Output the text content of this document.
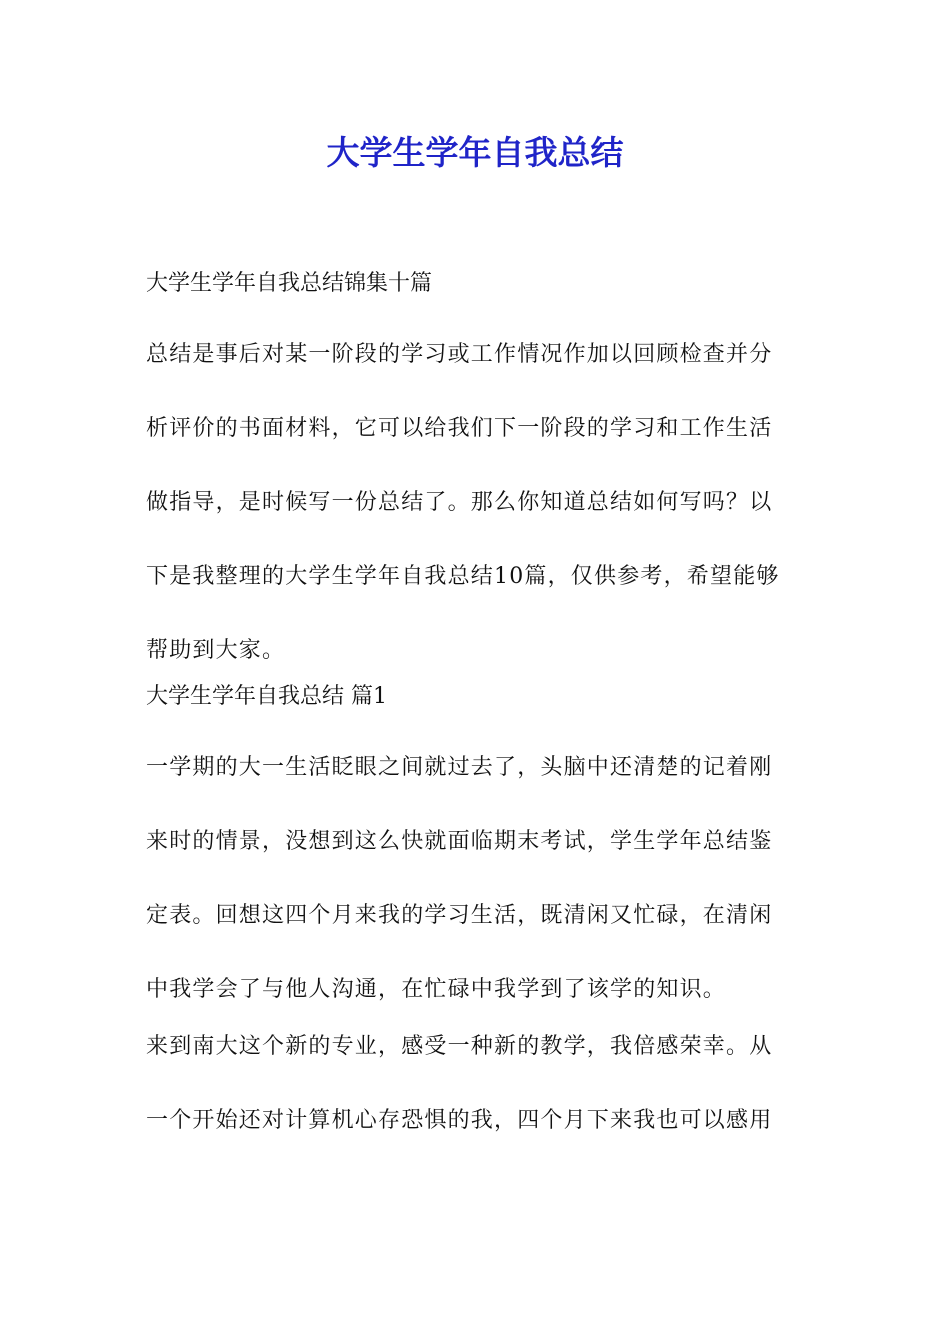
大学生学年自我总结
大学生学年自我总结锦集十篇
总结是事后对某一阶段的学习或工作情况作加以回顾检查并分
析评价的书面材料，它可以给我们下一阶段的学习和工作生活
做指导，是时候写一份总结了。那么你知道总结如何写吗？以
下是我整理的大学生学年自我总结10篇，仅供参考，希望能够
帮助到大家。
大学生学年自我总结 篇1
一学期的大一生活眨眼之间就过去了，头脑中还清楚的记着刚
来时的情景，没想到这么快就面临期末考试，学生学年总结鉴
定表。回想这四个月来我的学习生活，既清闲又忙碌，在清闲
中我学会了与他人沟通，在忙碌中我学到了该学的知识。
来到南大这个新的专业，感受一种新的教学，我倍感荣幸。从
一个开始还对计算机心存恐惧的我，四个月下来我也可以感用
